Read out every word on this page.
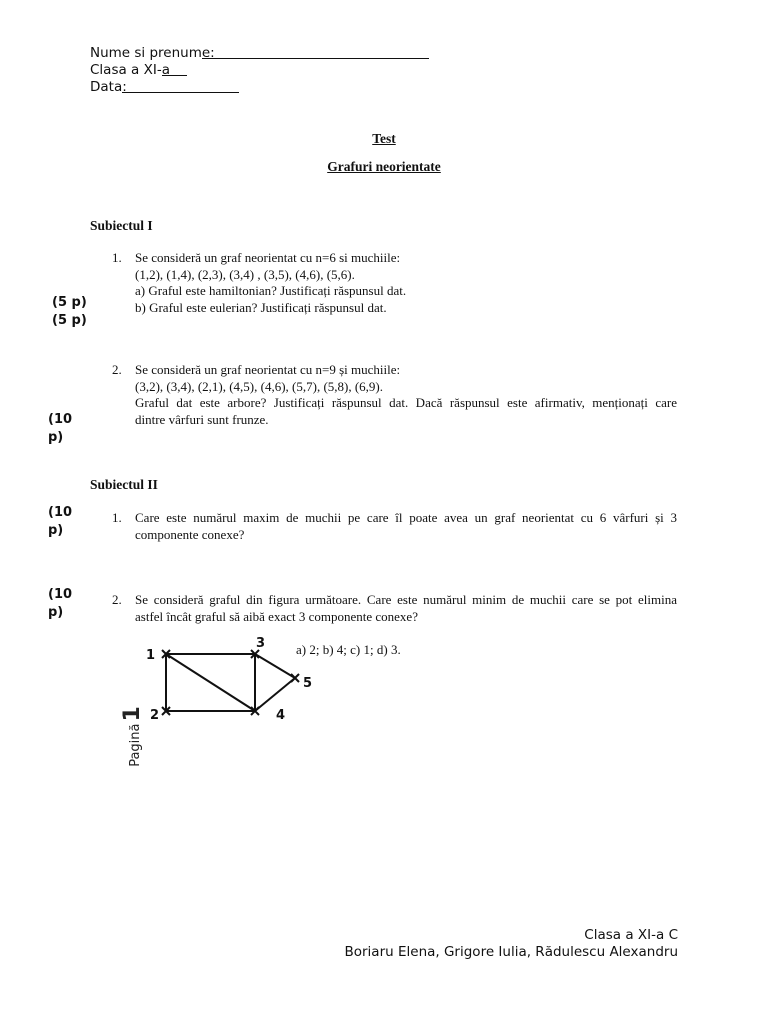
Nume si prenume:
Clasa a XI-a
Data:
Test
Grafuri neorientate
Subiectul I
1. Se consideră un graf neorientat cu n=6 si muchiile:
(1,2), (1,4), (2,3), (3,4) , (3,5), (4,6), (5,6).
a) Graful este hamiltonian? Justificați răspunsul dat.
b) Graful este eulerian? Justificați răspunsul dat.
(5 p)
(5 p)
2. Se consideră un graf neorientat cu n=9 și muchiile:
(3,2), (3,4), (2,1), (4,5), (4,6), (5,7), (5,8), (6,9).
Graful dat este arbore? Justificați răspunsul dat. Dacă răspunsul este afirmativ, menționați care
dintre vârfuri sunt frunze.
(10 p)
Subiectul II
1. Care este numărul maxim de muchii pe care îl poate avea un graf neorientat cu 6 vârfuri și 3
componente conexe?
(10 p)
2. Se consideră graful din figura următoare. Care este numărul minim de muchii care se pot elimina
astfel încât graful să aibă exact 3 componente conexe?
(10 p)
a) 2; b) 4; c) 1; d) 3.
1
2
3
4
5
Pagină1
Clasa a XI-a C
Boriaru Elena, Grigore Iulia, Rădulescu Alexandru
